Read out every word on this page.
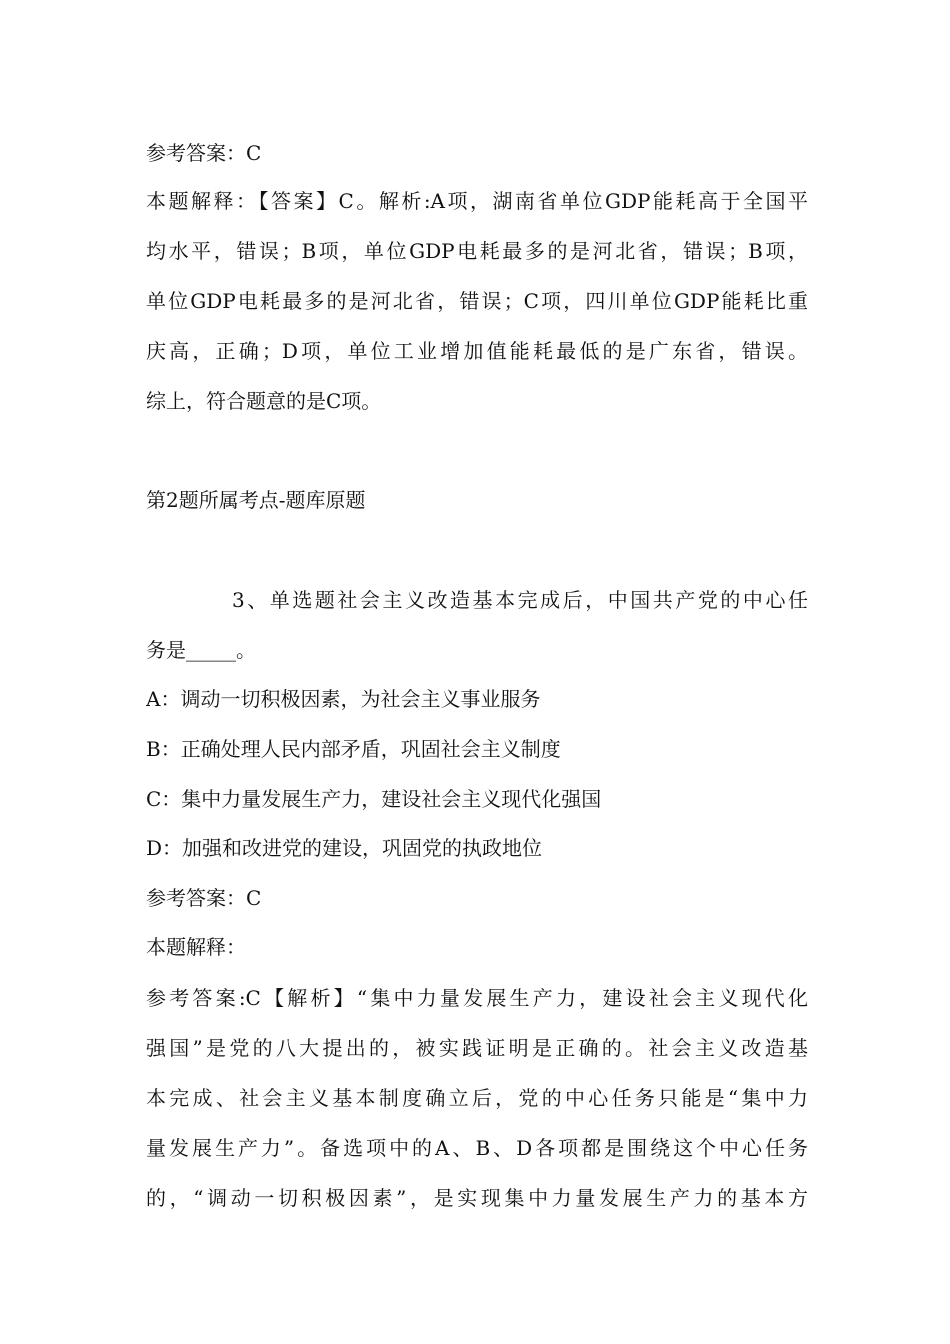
参考答案：C
本题解释：【答案】C。解析:A项，湖南省单位GDP能耗高于全国平
均水平，错误；B项，单位GDP电耗最多的是河北省，错误；B项，
单位GDP电耗最多的是河北省，错误；C项，四川单位GDP能耗比重
庆高，正确；D项，单位工业增加值能耗最低的是广东省，错误。
综上，符合题意的是C项。
第2题所属考点-题库原题
3、单选题社会主义改造基本完成后，中国共产党的中心任
务是_____。
A：调动一切积极因素，为社会主义事业服务
B：正确处理人民内部矛盾，巩固社会主义制度
C：集中力量发展生产力，建设社会主义现代化强国
D：加强和改进党的建设，巩固党的执政地位
参考答案：C
本题解释：
参考答案:C【解析】“集中力量发展生产力，建设社会主义现代化
强国”是党的八大提出的，被实践证明是正确的。社会主义改造基
本完成、社会主义基本制度确立后，党的中心任务只能是“集中力
量发展生产力”。备选项中的A、B、D各项都是围绕这个中心任务
的，“调动一切积极因素”，是实现集中力量发展生产力的基本方
